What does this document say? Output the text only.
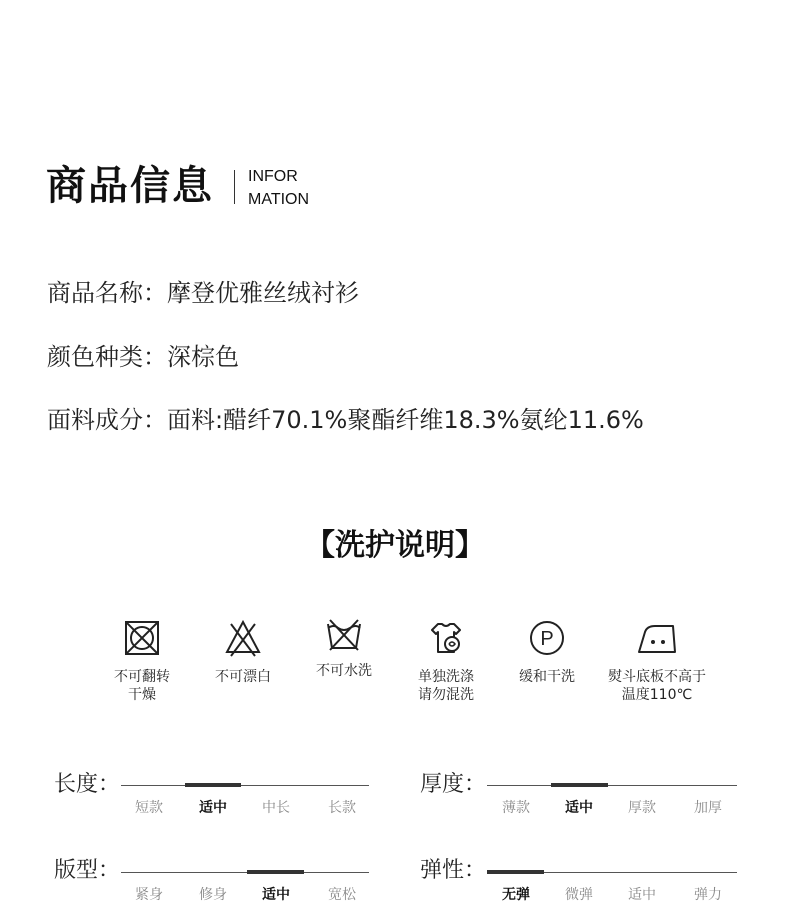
商品信息 INFOR
MATION
商品名称：摩登优雅丝绒衬衫
颜色种类：深棕色
面料成分：面料:醋纤70.1%聚酯纤维18.3%氨纶11.6%
【洗护说明】
不可翻转
干燥
不可漂白	不可水洗	单独洗涤
请勿混洗
P
缓和干洗	熨斗底板不高于
温度110℃
长度：
短款	适中	中长	长款
厚度：
薄款	适中	厚款	加厚
版型：
紧身	修身	适中	宽松
弹性：
无弹	微弹	适中	弹力
